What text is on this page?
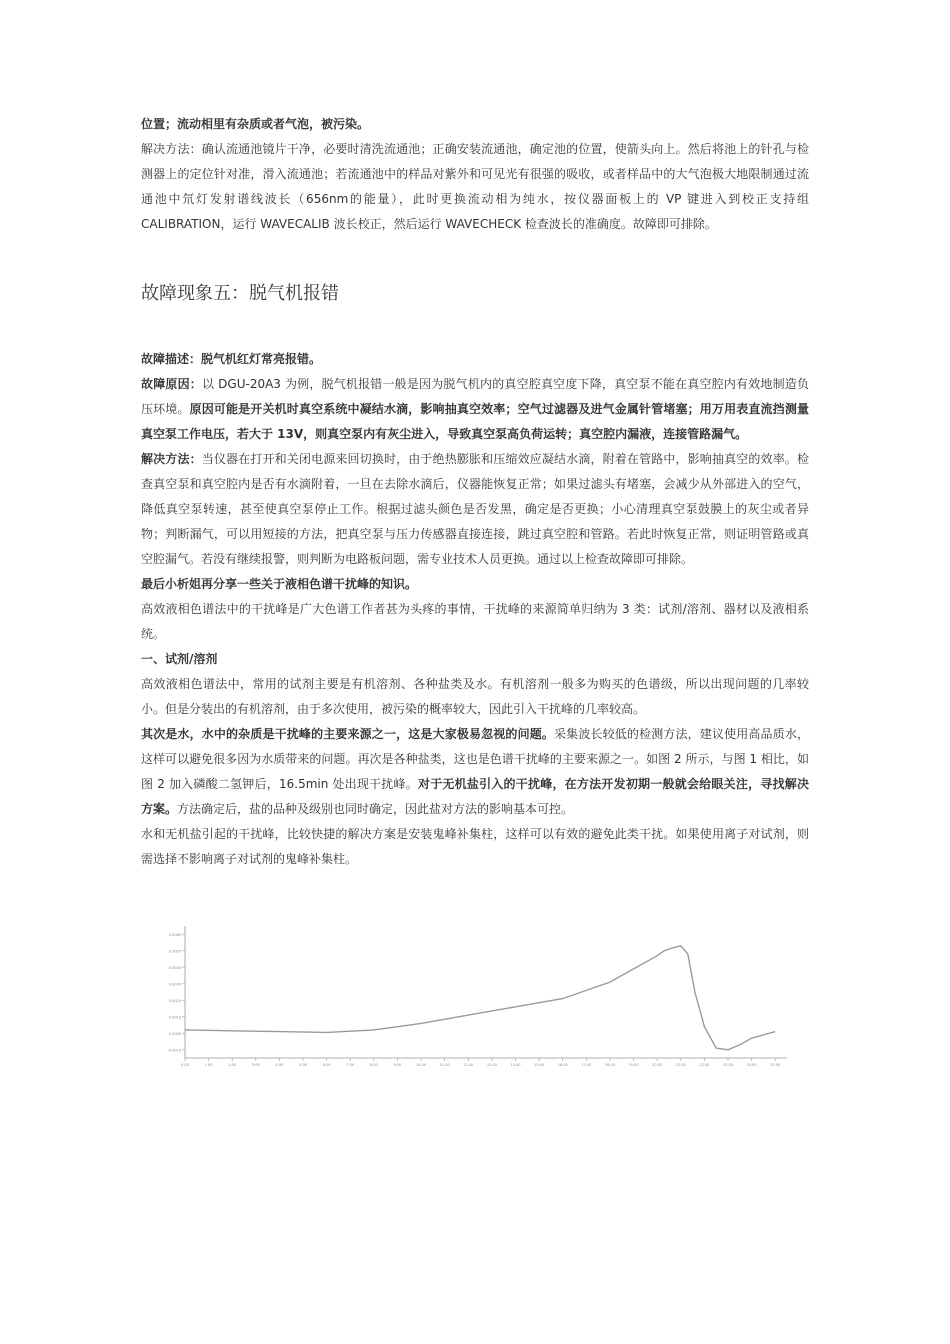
位置；流动相里有杂质或者气泡，被污染。

解决方法：确认流通池镜片干净，必要时清洗流通池；正确安装流通池，确定池的位置，使箭头向上。然后将池上的针孔与检测器上的定位针对准，滑入流通池；若流通池中的样品对紫外和可见光有很强的吸收，或者样品中的大气泡极大地限制通过流通池中氘灯发射谱线波长（656nm的能量），此时更换流动相为纯水，按仪器面板上的 VP 键进入到校正支持组 CALIBRATION，运行 WAVECALIB 波长校正，然后运行 WAVECHECK 检查波长的准确度。故障即可排除。

故障现象五：脱气机报错

故障描述：脱气机红灯常亮报错。

故障原因：以 DGU-20A3 为例，脱气机报错一般是因为脱气机内的真空腔真空度下降，真空泵不能在真空腔内有效地制造负压环境。原因可能是开关机时真空系统中凝结水滴，影响抽真空效率；空气过滤器及进气金属针管堵塞；用万用表直流挡测量真空泵工作电压，若大于 13V，则真空泵内有灰尘进入，导致真空泵高负荷运转；真空腔内漏液，连接管路漏气。

解决方法：当仪器在打开和关闭电源来回切换时，由于绝热膨胀和压缩效应凝结水滴，附着在管路中，影响抽真空的效率。检查真空泵和真空腔内是否有水滴附着，一旦在去除水滴后，仪器能恢复正常；如果过滤头有堵塞，会减少从外部进入的空气，降低真空泵转速，甚至使真空泵停止工作。根据过滤头颜色是否发黑，确定是否更换；小心清理真空泵鼓膜上的灰尘或者异物；判断漏气，可以用短接的方法，把真空泵与压力传感器直接连接，跳过真空腔和管路。若此时恢复正常，则证明管路或真空腔漏气。若没有继续报警，则判断为电路板问题，需专业技术人员更换。通过以上检查故障即可排除。

最后小析姐再分享一些关于液相色谱干扰峰的知识。

高效液相色谱法中的干扰峰是广大色谱工作者甚为头疼的事情，干扰峰的来源简单归纳为 3 类：试剂/溶剂、器材以及液相系统。

一、试剂/溶剂

高效液相色谱法中，常用的试剂主要是有机溶剂、各种盐类及水。有机溶剂一般多为购买的色谱级，所以出现问题的几率较小。但是分装出的有机溶剂，由于多次使用，被污染的概率较大，因此引入干扰峰的几率较高。

其次是水，水中的杂质是干扰峰的主要来源之一，这是大家极易忽视的问题。采集波长较低的检测方法，建议使用高品质水，这样可以避免很多因为水质带来的问题。再次是各种盐类，这也是色谱干扰峰的主要来源之一。如图 2 所示，与图 1 相比，如图 2 加入磷酸二氢钾后，16.5min 处出现干扰峰。对于无机盐引入的干扰峰，在方法开发初期一般就会给眼关注，寻找解决方案。方法确定后，盐的品种及级别也同时确定，因此盐对方法的影响基本可控。

水和无机盐引起的干扰峰，比较快捷的解决方案是安装鬼峰补集柱，这样可以有效的避免此类干扰。如果使用离子对试剂，则需选择不影响离子对试剂的鬼峰补集柱。

0.0060
0.0050
0.0040
0.0030
0.0020
0.0010
0.0000
-0.0010
0.00	1.00	2.00	3.00	4.00	5.00	6.00	7.00	8.00	9.00	10.00	11.00	12.00	13.00	14.00	15.00	16.00	17.00	18.00	19.00	20.00	21.00	22.00	23.00	24.00	25.00
